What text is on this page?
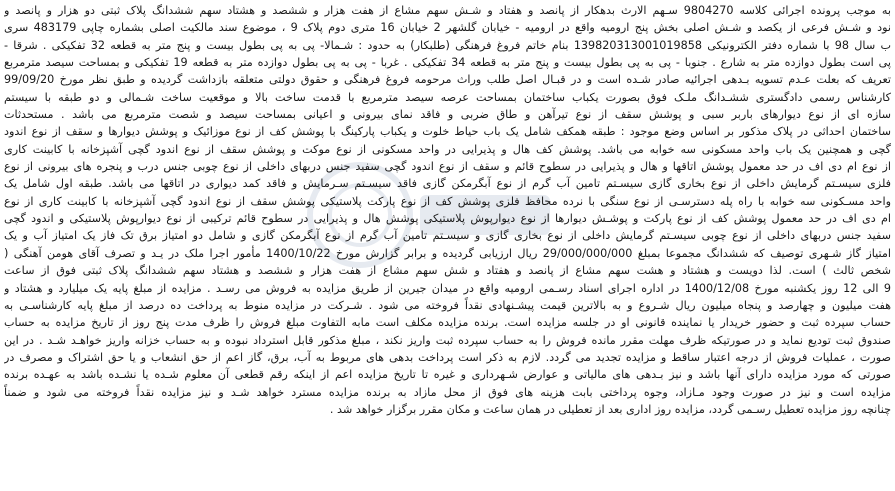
به موجب پرونده اجرائی کلاسه 9804270 سـهم الارث بدهکار از پانصد و هفتاد و شـش سهم مشاع از هفت هزار و ششصد و هشتاد سهم ششدانگ پلاک ثبتی دو هزار و پانصد و
نود و شـش فرعی از یکصد و شـش اصلی بخش پنج ارومیه واقع در ارومیه - خیابان گلشهر 2 خیابان 16 متری دوم پلاک 9 ، موضوع سند مالکیت اصلی بشماره چاپی 483179 سری
ب سال 98 با شماره دفتر الکترونیکی 139820313001019858 بنام خاتم فروغ فرهنگی (طلبکار) به حدود : شـمالا- پی به پی بطول بیست و پنج متر به قطعه 32 تفکیکی . شرقا -
پی است بطول دوازده متر به شارع . جنوبا - پی به پی بطول بیست و پنج متر به قطعه 34 تفکیکی . غربا - پی به پی بطول دوازده متر به قطعه 19 تفکیکی و بمساحت سیصد مترمربع
تعریف که بعلت عـدم تسویه بـدهی اجرائیه صادر شـده است و در قبـال اصل طلب وراث مرحومه فروغ فرهنگی و حقوق دولتی متعلقه بازداشت گردیده و طبق نظر مورخ 99/09/20
کارشناس رسمی دادگستری ششـدانگ ملـک فوق بصورت یکباب ساختمان بمساحت عرصه سیصد مترمربع با قدمت ساخت بالا و موقعیت ساخت شـمالی و دو طبقه با سیستم
سازه ای از نوع دیوارهای باربر سبی و پوشش سقف از نوع تیرآهن و طاق ضربی و فاقد نمای بیرونی و اعیانی بمساحت سیصد و شصت مترمربع می باشد . مستحدثات
ساختمان احداثی در پلاک مذکور بر اساس وضع موجود : طبقه همکف شامل یک باب حیاط خلوت و یکباب پارکینگ با پوشش کف از نوع موزائیک و پوشش دیوارها و سقف از نوع اندود
گچی و همچنین یک باب واحد مسکونی سه خوابه می باشد. پوشش کف هال و پذیرایی در واحد مسکونی از نوع موکت و پوشش سقف از نوع اندود گچی آشپزخانه با کابینت کاری
از نوع ام دی اف در حد معمول پوشش اتاقها و هال و پذیرایی در سطوح قائم و سقف از نوع اندود گچی سفید جنس دربهای داخلی از نوع چوبی جنس درب و پنجره های بیرونی از نوع
فلزی سیسـتم گرمایش داخلی از نوع بخاری گازی سیسـتم تامین آب گرم از نوع آبگرمکن گازی فاقد سیسـتم سـرمایش و فاقد کمد دیواری در اتاقها می باشد. طبقه اول شامل یک
واحد مسـکونی سه خوابه با راه پله دسترسـی از نوع سنگی با نرده محافظ فلزی پوشش کف از نوع پارکت پلاستیکی پوشش سقف از نوع اندود گچی آشپزخانه با کابینت کاری از نوع
ام دی اف در حد معمول پوشش کف از نوع پارکت و پوشـش دیوارها از نوع دیوارپوش پلاستیکی پوشش هال و پذیرایی در سطوح قائم ترکیبی از نوع دیوارپوش پلاستیکی و اندود گچی
سفید جنس دربهای داخلی از نوع چوبی سیسـتم گرمایش داخلی از نوع بخاری گازی و سیسـتم تامین آب گرم از نوع آبگرمکن گازی و شامل دو امتیاز برق تک فاز یک امتیاز آب و یک
امتیاز گاز شـهری توصیف که ششدانگ مجموعا بمبلغ 29/000/000/000 ریال ارزیابی گردیده و برابر گزارش مورخ 1400/10/22 مأمور اجرا ملک در یـد و تصرف آقای هومن آهنگی (
شخص ثالث ) است. لذا دویست و هشتاد و هشت سهم مشاع از پانصد و هفتاد و شش سهم مشاع از هفت هزار و ششصد و هشتاد سهم ششدانگ پلاک ثبتی فوق از ساعت
9 الی 12 روز یکشنبه مورخ 1400/12/08 در اداره اجرای اسناد رسـمی ارومیه واقع در میدان جیرین از طریق مزایده به فروش می رسـد . مزایده از مبلغ پایه یک میلیارد و هشتاد و
هفت میلیون و چهارصد و پنجاه میلیون ریال شـروع و به بالاترین قیمت پیشـنهادی نقداً فروخته می شود . شـرکت در مزایده منوط به پرداخت ده درصد از مبلغ پایه کارشناسـی به
حساب سپرده ثبت و حضور خریدار یا نماینده قانونی او در جلسه مزایده است. برنده مزایده مکلف است مابه التفاوت مبلغ فروش را ظرف مدت پنج روز از تاریخ مزایده به حساب
صندوق ثبت تودیع نماید و در صورتیکه ظرف مهلت مقرر مانده فروش را به حساب سپرده ثبت واریز نکند ، مبلغ مذکور قابل استرداد نبوده و به حساب خزانه واریز خواهـد شـد . در این
صورت ، عملیات فروش از درجه اعتبار ساقط و مزایده تجدید می گردد. لازم به ذکر است پرداخت بدهی های مربوط به آب، برق، گاز اعم از حق انشعاب و یا حق اشتراک و مصرف در
صورتی که مورد مزایده دارای آنها باشد و نیز بـدهی های مالیاتی و عوارض شـهرداری و غیره تا تاریخ مزایده اعم از اینکه رقم قطعی آن معلوم شـده یا نشـده باشد به عهـده برنده
مزایده است و نیز در صورت وجود مـازاد، وجوه پرداختی بابت هزینه های فوق از محل مازاد به برنده مزایده مسترد خواهد شـد و نیز مزایده نقداً فروخته می شود و ضمناً
چنانچه روز مزایده تعطیل رسـمی گردد، مزایده روز اداری بعد از تعطیلی در همان ساعت و مکان مقرر برگزار خواهد شد .
